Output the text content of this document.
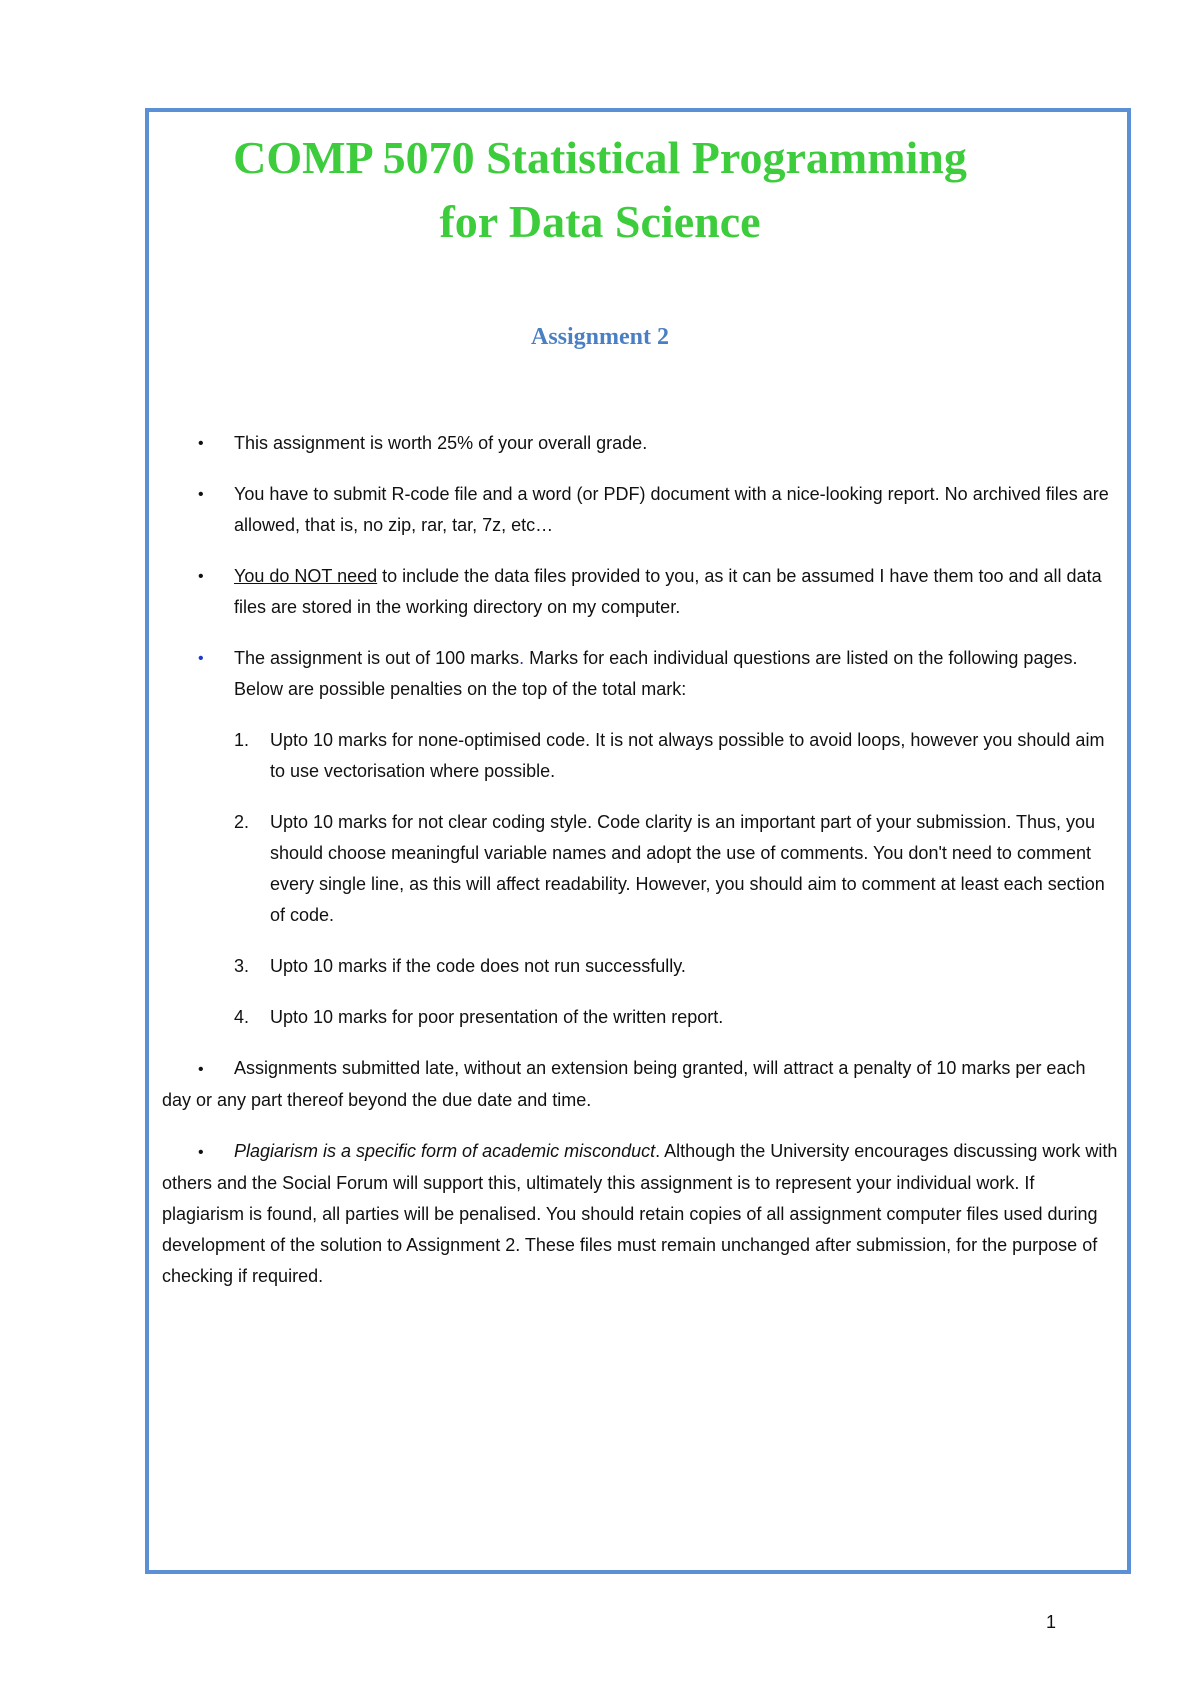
COMP 5070 Statistical Programming
for Data Science
Assignment 2
•	This assignment is worth 25% of your overall grade.
•	You have to submit R-code file and a word (or PDF) document with a nice-looking report. No archived files are allowed, that is, no zip, rar, tar, 7z, etc…
•	You do NOT need to include the data files provided to you, as it can be assumed I have them too and all data files are stored in the working directory on my computer.
•	The assignment is out of 100 marks. Marks for each individual questions are listed on the following pages. Below are possible penalties on the top of the total mark:
1. Upto 10 marks for none-optimised code. It is not always possible to avoid loops, however you should aim to use vectorisation where possible.
2. Upto 10 marks for not clear coding style. Code clarity is an important part of your submission. Thus, you should choose meaningful variable names and adopt the use of comments. You don't need to comment every single line, as this will affect readability. However, you should aim to comment at least each section of code.
3. Upto 10 marks if the code does not run successfully.
4. Upto 10 marks for poor presentation of the written report.
• Assignments submitted late, without an extension being granted, will attract a penalty of 10 marks per each day or any part thereof beyond the due date and time.
• Plagiarism is a specific form of academic misconduct. Although the University encourages discussing work with others and the Social Forum will support this, ultimately this assignment is to represent your individual work. If plagiarism is found, all parties will be penalised. You should retain copies of all assignment computer files used during development of the solution to Assignment 2. These files must remain unchanged after submission, for the purpose of checking if required.
1
